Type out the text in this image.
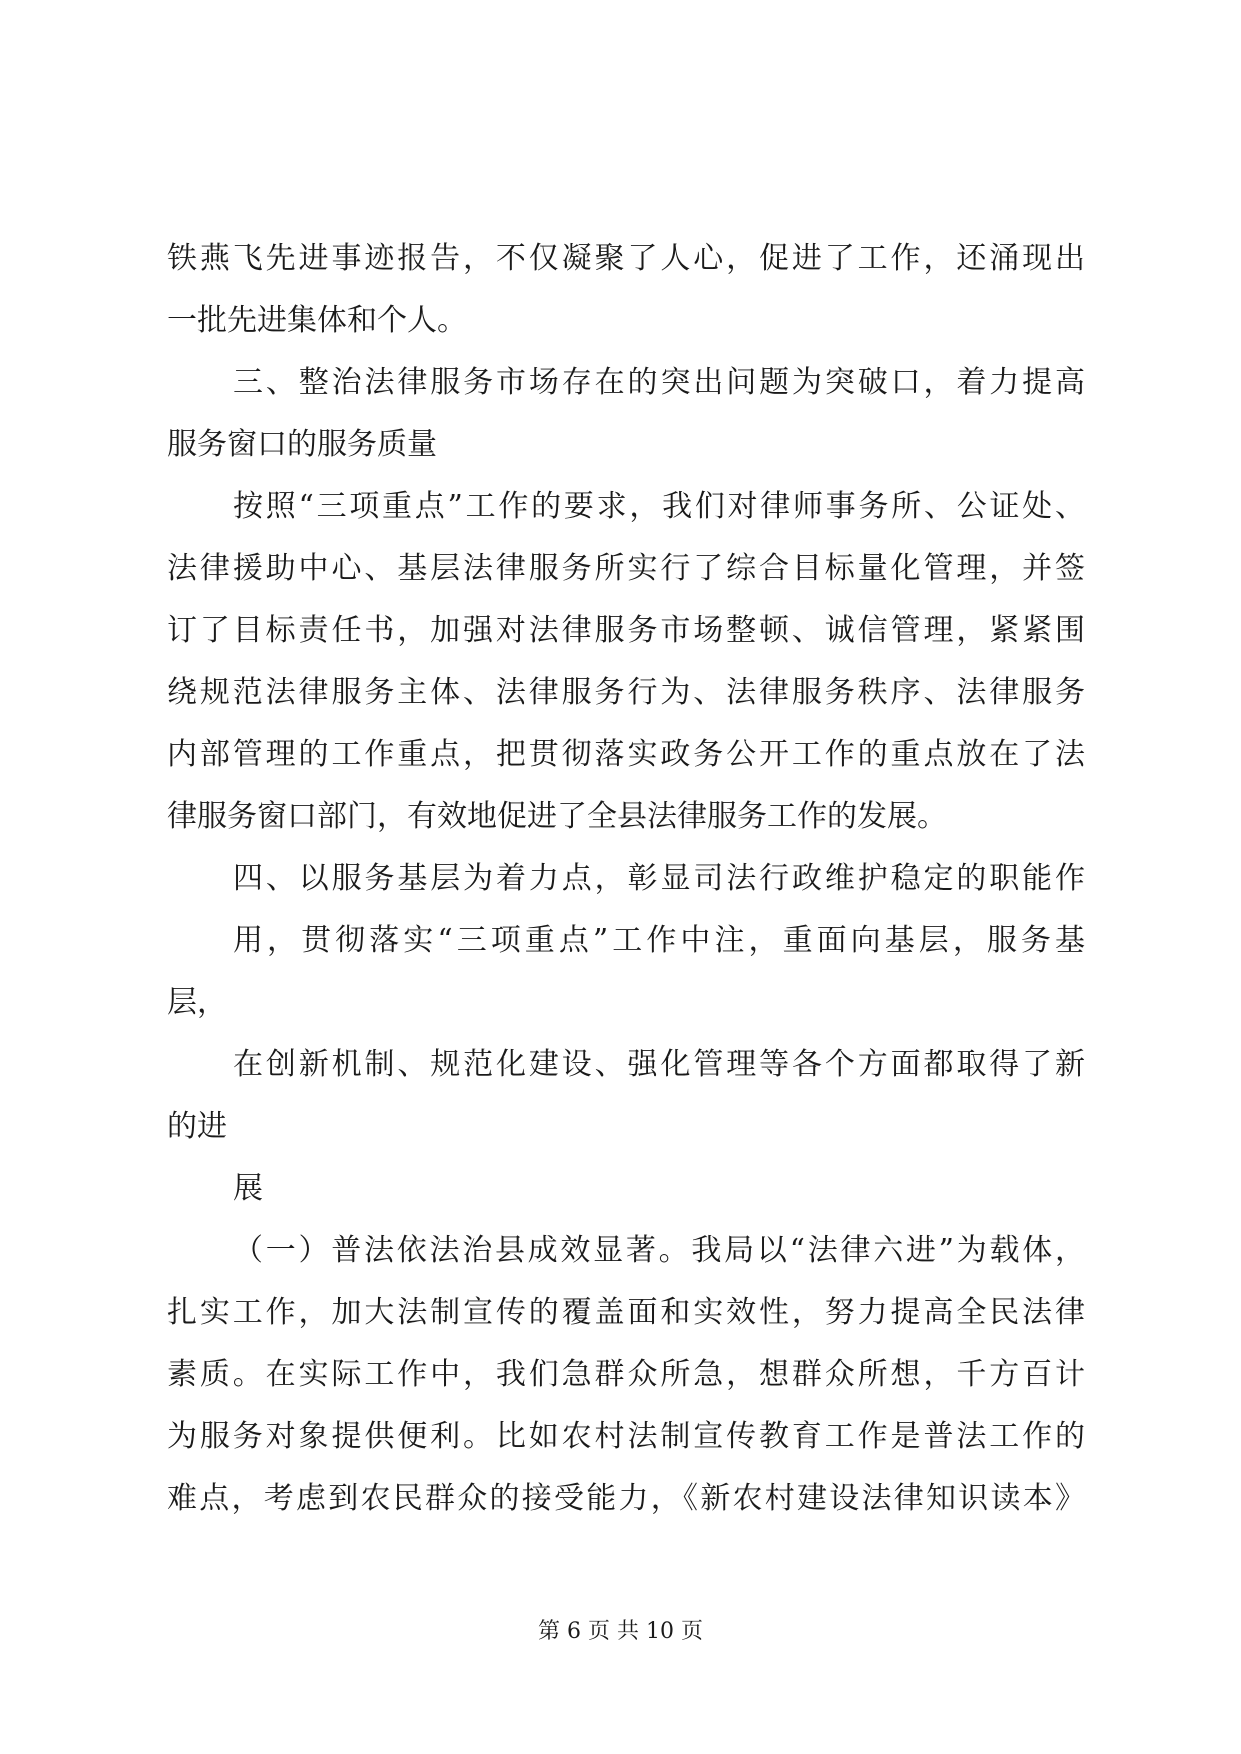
铁燕飞先进事迹报告，不仅凝聚了人心，促进了工作，还涌现出
一批先进集体和个人。
三、整治法律服务市场存在的突出问题为突破口，着力提高
服务窗口的服务质量
按照“三项重点”工作的要求，我们对律师事务所、公证处、
法律援助中心、基层法律服务所实行了综合目标量化管理，并签
订了目标责任书，加强对法律服务市场整顿、诚信管理，紧紧围
绕规范法律服务主体、法律服务行为、法律服务秩序、法律服务
内部管理的工作重点，把贯彻落实政务公开工作的重点放在了法
律服务窗口部门，有效地促进了全县法律服务工作的发展。
四、以服务基层为着力点，彰显司法行政维护稳定的职能作
用，贯彻落实“三项重点”工作中注，重面向基层，服务基
层，
在创新机制、规范化建设、强化管理等各个方面都取得了新
的进
展
（一）普法依法治县成效显著。我局以“法律六进”为载体，
扎实工作，加大法制宣传的覆盖面和实效性，努力提高全民法律
素质。在实际工作中，我们急群众所急，想群众所想，千方百计
为服务对象提供便利。比如农村法制宣传教育工作是普法工作的
难点，考虑到农民群众的接受能力，《新农村建设法律知识读本》
第 6 页 共 10 页
